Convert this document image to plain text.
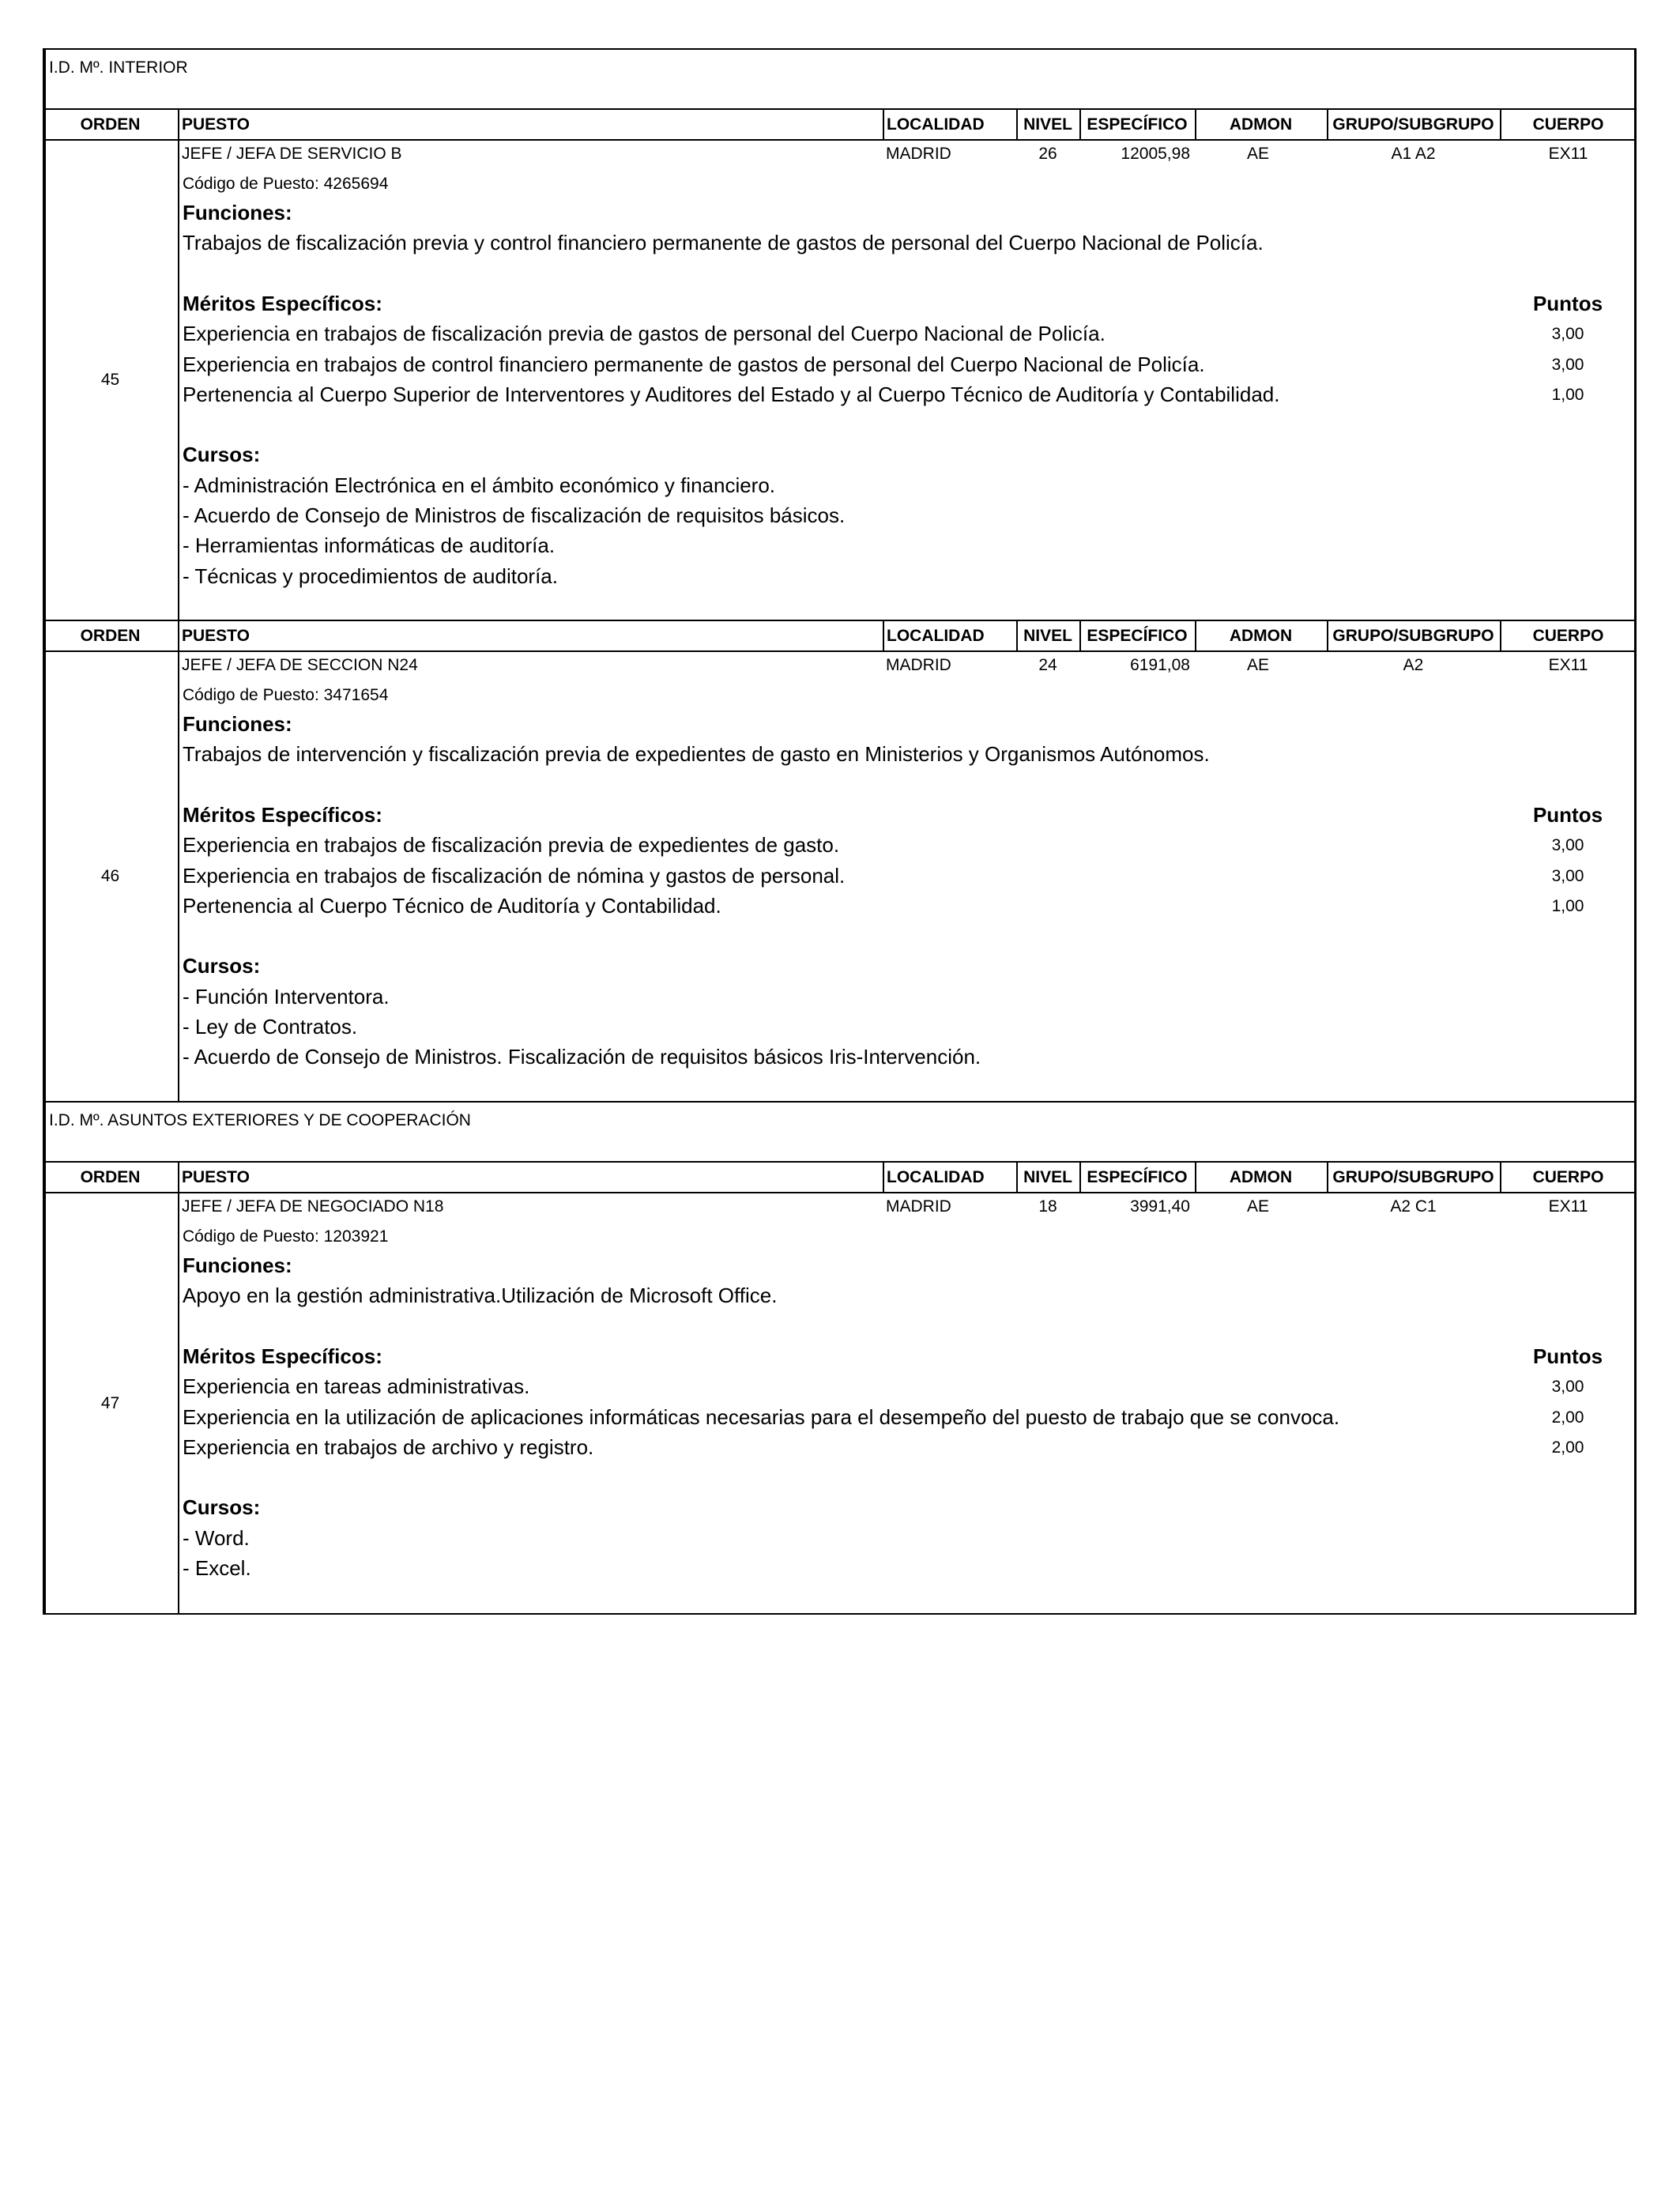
I.D. Mº. INTERIOR
I.D. Mº. ASUNTOS EXTERIORES Y DE COOPERACIÓN
ORDEN	PUESTO	LOCALIDAD	NIVEL ESPECÍFICO	ADMON	GRUPO/SUBGRUPO	CUERPO
45
JEFE / JEFA DE SERVICIO B	MADRID	26	12005,98	AE	A1 A2	EX11
Código de Puesto: 4265694
Funciones:
Trabajos de fiscalización previa y control financiero permanente de gastos de personal del Cuerpo Nacional de Policía.
Méritos Específicos:	Puntos
Experiencia en trabajos de fiscalización previa de gastos de personal del Cuerpo Nacional de Policía.	3,00
Experiencia en trabajos de control financiero permanente de gastos de personal del Cuerpo Nacional de Policía.	3,00
Pertenencia al Cuerpo Superior de Interventores y Auditores del Estado y al Cuerpo Técnico de Auditoría y Contabilidad.	1,00
Cursos:
- Administración Electrónica en el ámbito económico y financiero.
- Acuerdo de Consejo de Ministros de fiscalización de requisitos básicos.
- Herramientas informáticas de auditoría.
- Técnicas y procedimientos de auditoría.
ORDEN	PUESTO	LOCALIDAD	NIVEL ESPECÍFICO	ADMON	GRUPO/SUBGRUPO	CUERPO
46
JEFE / JEFA DE SECCION N24	MADRID	24	6191,08	AE	A2	EX11
Código de Puesto: 3471654
Funciones:
Trabajos de intervención y fiscalización previa de expedientes de gasto en Ministerios y Organismos Autónomos.
Méritos Específicos:	Puntos
Experiencia en trabajos de fiscalización previa de expedientes de gasto.	3,00
Experiencia en trabajos de fiscalización de nómina y gastos de personal.	3,00
Pertenencia al Cuerpo Técnico de Auditoría y Contabilidad.	1,00
Cursos:
- Función Interventora.
- Ley de Contratos.
- Acuerdo de Consejo de Ministros. Fiscalización de requisitos básicos Iris-Intervención.
ORDEN	PUESTO	LOCALIDAD	NIVEL ESPECÍFICO	ADMON	GRUPO/SUBGRUPO	CUERPO
47
JEFE / JEFA DE NEGOCIADO N18	MADRID	18	3991,40	AE	A2 C1	EX11
Código de Puesto: 1203921
Funciones:
Apoyo en la gestión administrativa.Utilización de Microsoft Office.
Méritos Específicos:	Puntos
Experiencia en tareas administrativas.	3,00
Experiencia en la utilización de aplicaciones informáticas necesarias para el desempeño del puesto de trabajo que se convoca.	2,00
Experiencia en trabajos de archivo y registro.	2,00
Cursos:
- Word.
- Excel.
